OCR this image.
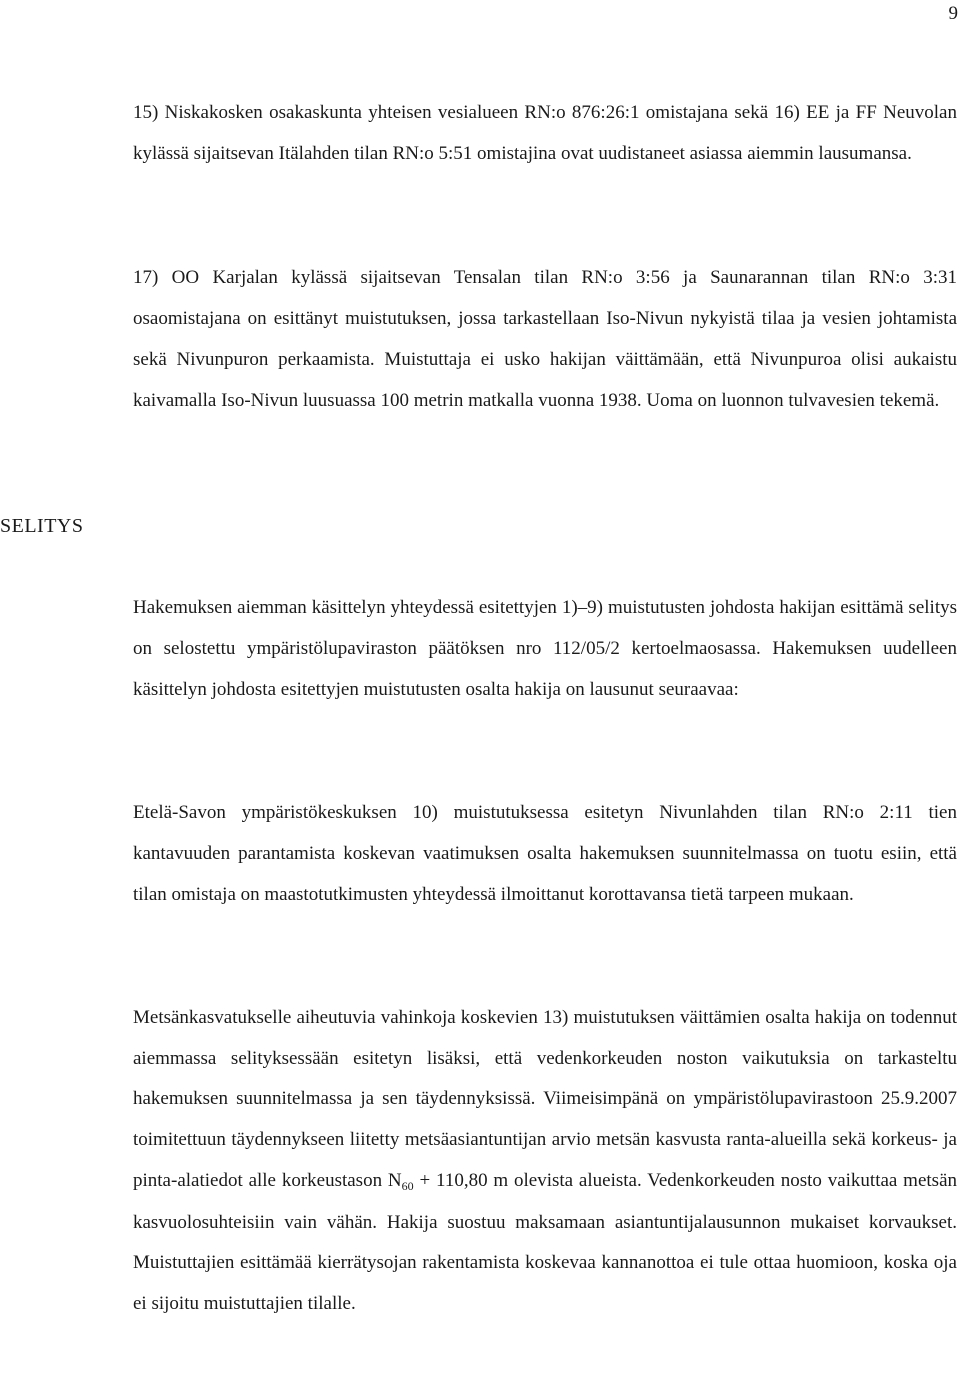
9

15) Niskakosken osakaskunta yhteisen vesialueen RN:o 876:26:1 omistajana sekä 16) EE ja FF Neuvolan kylässä sijaitsevan Itälahden tilan RN:o 5:51 omistajina ovat uudistaneet asiassa aiemmin lausumansa.

17) OO Karjalan kylässä sijaitsevan Tensalan tilan RN:o 3:56 ja Saunarannan tilan RN:o 3:31 osaomistajana on esittänyt muistutuksen, jossa tarkastellaan Iso-Nivun nykyistä tilaa ja vesien johtamista sekä Nivunpuron perkaamista. Muistuttaja ei usko hakijan väittämään, että Nivunpuroa olisi aukaistu kaivamalla Iso-Nivun luusuassa 100 metrin matkalla vuonna 1938. Uoma on luonnon tulvavesien tekemä.

SELITYS

Hakemuksen aiemman käsittelyn yhteydessä esitettyjen 1)–9) muistutusten johdosta hakijan esittämä selitys on selostettu ympäristölupaviraston päätöksen nro 112/05/2 kertoelmaosassa. Hakemuksen uudelleen käsittelyn johdosta esitettyjen muistutusten osalta hakija on lausunut seuraavaa:

Etelä-Savon ympäristökeskuksen 10) muistutuksessa esitetyn Nivunlahden tilan RN:o 2:11 tien kantavuuden parantamista koskevan vaatimuksen osalta hakemuksen suunnitelmassa on tuotu esiin, että tilan omistaja on maastotutkimusten yhteydessä ilmoittanut korottavansa tietä tarpeen mukaan.

Metsänkasvatukselle aiheutuvia vahinkoja koskevien 13) muistutuksen väittämien osalta hakija on todennut aiemmassa selityksessään esitetyn lisäksi, että vedenkorkeuden noston vaikutuksia on tarkasteltu hakemuksen suunnitelmassa ja sen täydennyksissä. Viimeisimpänä on ympäristölupavirastoon 25.9.2007 toimitettuun täydennykseen liitetty metsäasiantuntijan arvio metsän kasvusta ranta-alueilla sekä korkeus- ja pinta-alatiedot alle korkeustason $N_{60} + 110,80$ m olevista alueista. Vedenkorkeuden nosto vaikuttaa metsän kasvuolosuhteisiin vain vähän. Hakija suostuu maksamaan asiantuntijalausunnon mukaiset korvaukset. Muistuttajien esittämää kierrätysojan rakentamista koskevaa kannanottoa ei tule ottaa huomioon, koska oja ei sijoitu muistuttajien tilalle.
